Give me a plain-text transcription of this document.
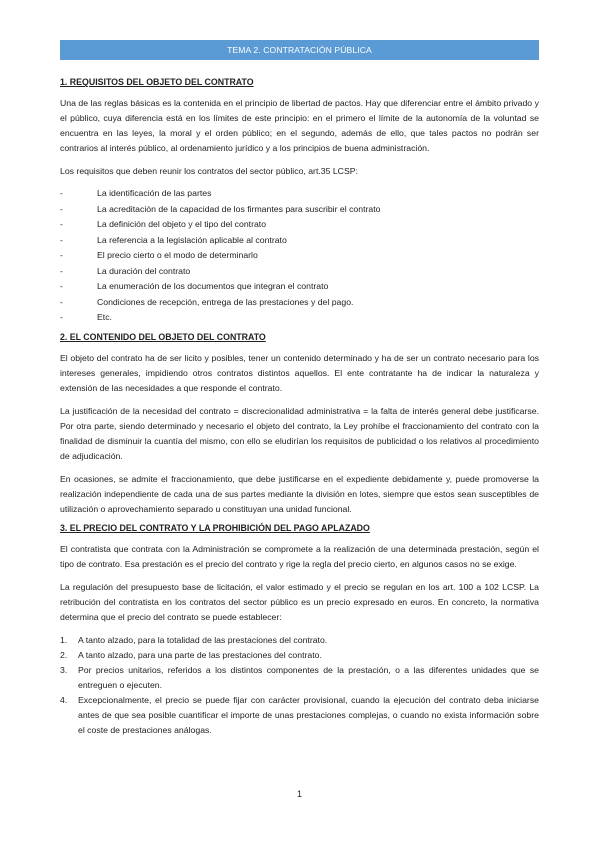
TEMA 2. CONTRATACIÓN PÚBLICA
1. REQUISITOS DEL OBJETO DEL CONTRATO

Una de las reglas básicas es la contenida en el principio de libertad de pactos. Hay que diferenciar entre el ámbito privado y el público, cuya diferencia está en los límites de este principio: en el primero el límite de la autonomía de la voluntad se encuentra en las leyes, la moral y el orden público; en el segundo, además de ello, que tales pactos no podrán ser contrarios al interés público, al ordenamiento jurídico y a los principios de buena administración.

Los requisitos que deben reunir los contratos del sector público, art.35 LCSP:

-	La identificación de las partes
-	La acreditación de la capacidad de los firmantes para suscribir el contrato
-	La definición del objeto y el tipo del contrato
-	La referencia a la legislación aplicable al contrato
-	El precio cierto o el modo de determinarlo
-	La duración del contrato
-	La enumeración de los documentos que integran el contrato
-	Condiciones de recepción, entrega de las prestaciones y del pago.
-	Etc.
2. EL CONTENIDO DEL OBJETO DEL CONTRATO

El objeto del contrato ha de ser licito y posibles, tener un contenido determinado y ha de ser un contrato necesario para los intereses generales, impidiendo otros contratos distintos aquellos. El ente contratante ha de indicar la naturaleza y extensión de las necesidades a que responde el contrato.

La justificación de la necesidad del contrato = discrecionalidad administrativa = la falta de interés general debe justificarse. Por otra parte, siendo determinado y necesario el objeto del contrato, la Ley prohíbe el fraccionamiento del contrato con la finalidad de disminuir la cuantía del mismo, con ello se eludirían los requisitos de publicidad o los relativos al procedimiento de adjudicación.

En ocasiones, se admite el fraccionamiento, que debe justificarse en el expediente debidamente y, puede promoverse la realización independiente de cada una de sus partes mediante la división en lotes, siempre que estos sean susceptibles de utilización o aprovechamiento separado u constituyan una unidad funcional.

3. EL PRECIO DEL CONTRATO Y LA PROHIBICIÓN DEL PAGO APLAZADO

El contratista que contrata con la Administración se compromete a la realización de una determinada prestación, según el tipo de contrato. Esa prestación es el precio del contrato y rige la regla del precio cierto, en algunos casos no se exige.

La regulación del presupuesto base de licitación, el valor estimado y el precio se regulan en los art. 100 a 102 LCSP. La retribución del contratista en los contratos del sector público es un precio expresado en euros. En concreto, la normativa determina que el precio del contrato se puede establecer:

1. A tanto alzado, para la totalidad de las prestaciones del contrato.
2. A tanto alzado, para una parte de las prestaciones del contrato.
3. Por precios unitarios, referidos a los distintos componentes de la prestación, o a las diferentes unidades que se entreguen o ejecuten.
4. Excepcionalmente, el precio se puede fijar con carácter provisional, cuando la ejecución del contrato deba iniciarse antes de que sea posible cuantificar el importe de unas prestaciones complejas, o cuando no exista información sobre el coste de prestaciones análogas.
1
